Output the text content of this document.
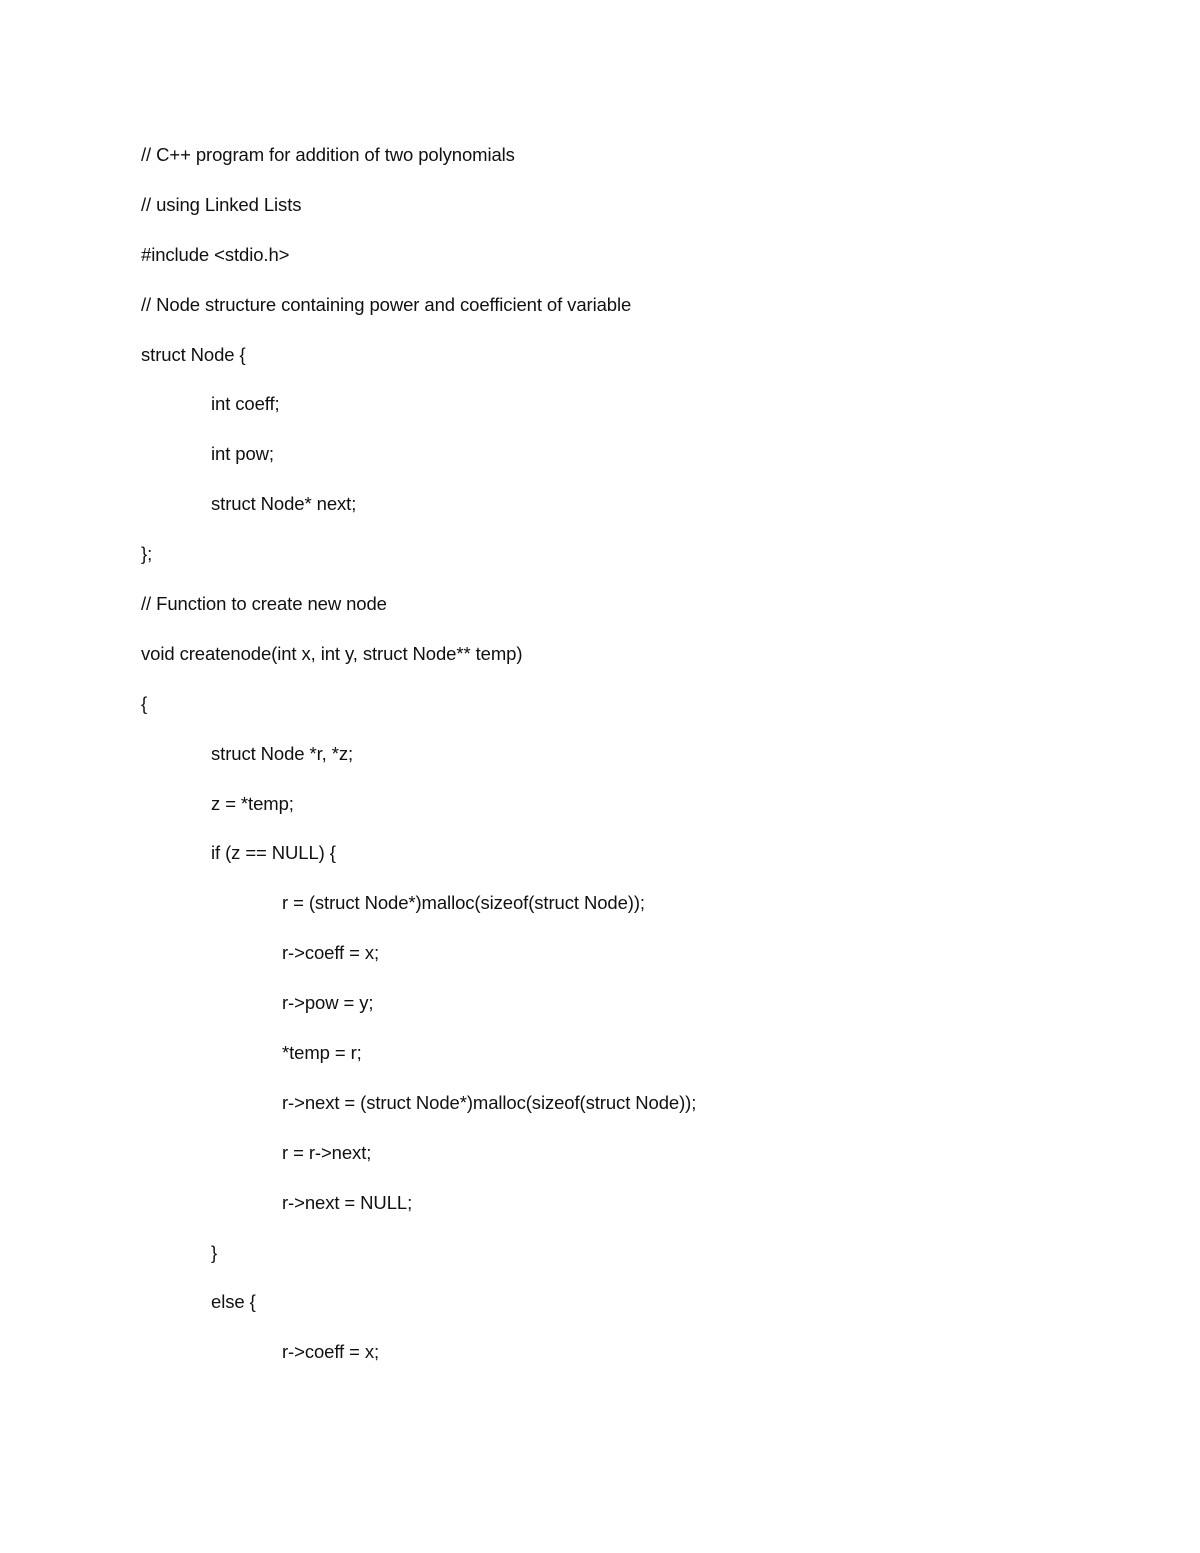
// C++ program for addition of two polynomials
// using Linked Lists
#include <stdio.h>
// Node structure containing power and coefficient of variable
struct Node {
int coeff;
int pow;
struct Node* next;
};
// Function to create new node
void createnode(int x, int y, struct Node** temp)
{
struct Node *r, *z;
z = *temp;
if (z == NULL) {
r = (struct Node*)malloc(sizeof(struct Node));
r->coeff = x;
r->pow = y;
*temp = r;
r->next = (struct Node*)malloc(sizeof(struct Node));
r = r->next;
r->next = NULL;
}
else {
r->coeff = x;
